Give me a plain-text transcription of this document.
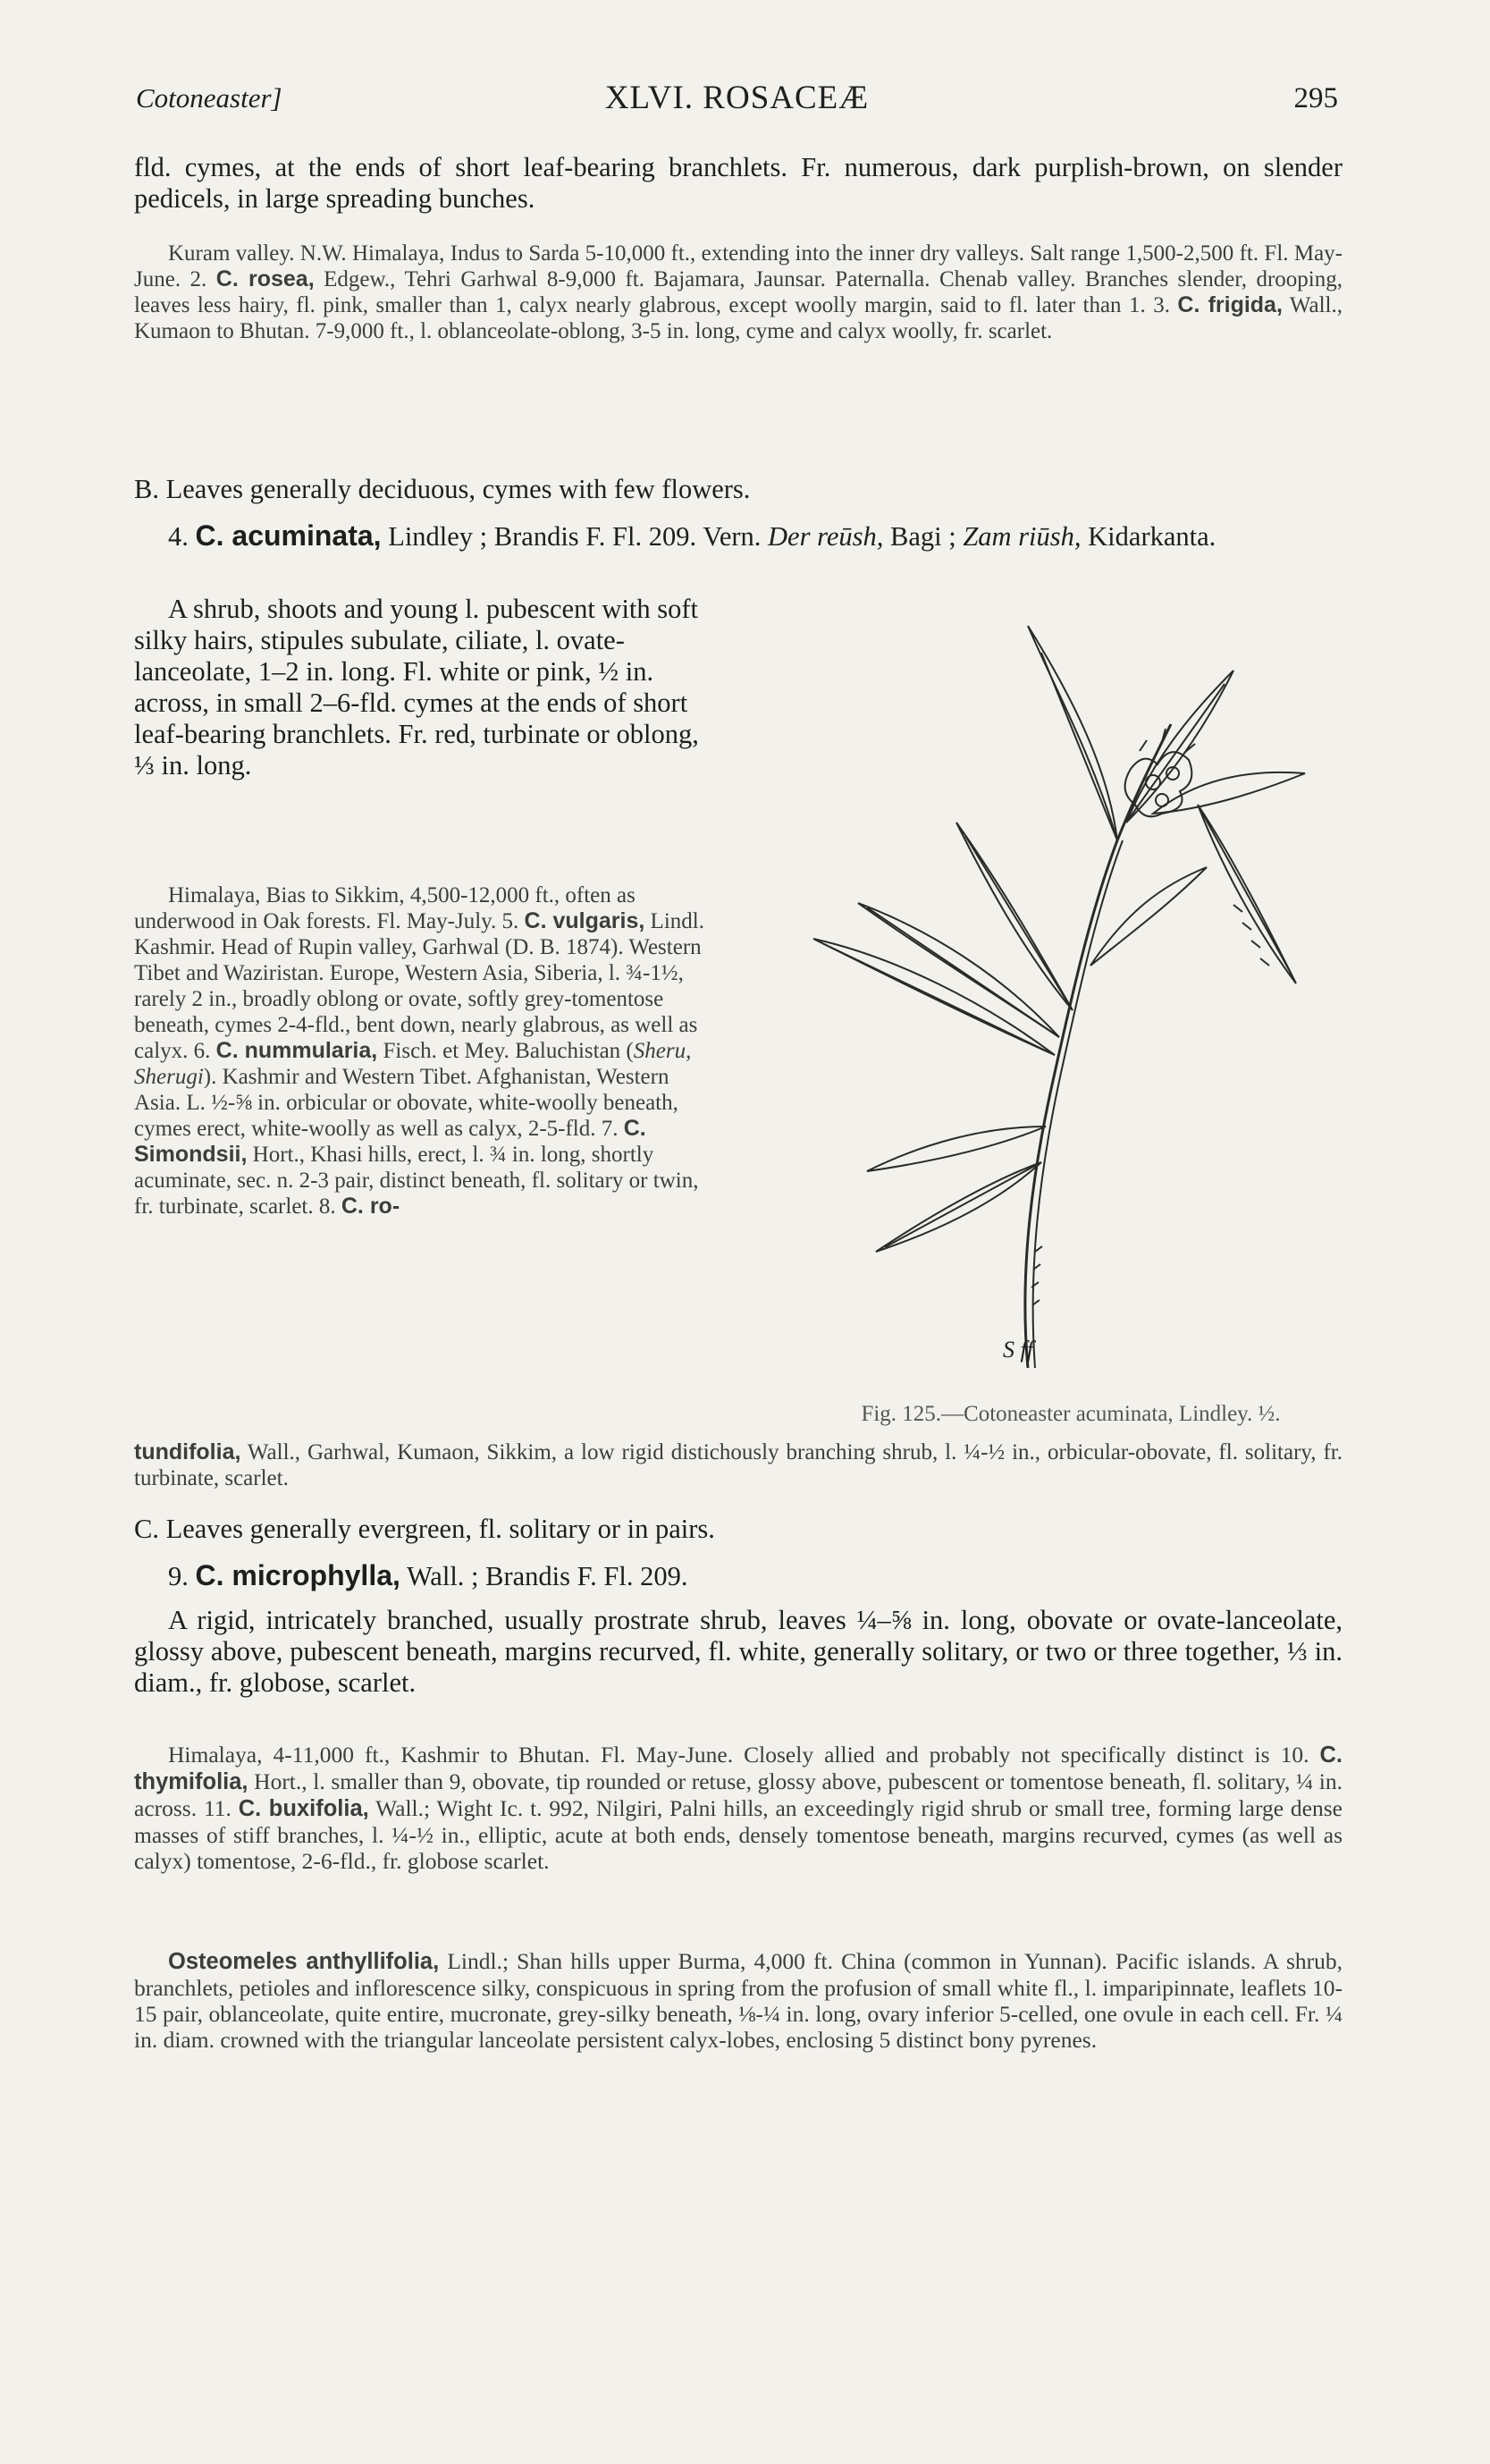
Cotoneaster]	XLVI. ROSACEÆ	295
fld. cymes, at the ends of short leaf-bearing branchlets. Fr. numerous, dark purplish-brown, on slender pedicels, in large spreading bunches.
Kuram valley. N.W. Himalaya, Indus to Sarda 5-10,000 ft., extending into the inner dry valleys. Salt range 1,500-2,500 ft. Fl. May-June. 2. C. rosea, Edgew., Tehri Garhwal 8-9,000 ft. Bajamara, Jaunsar. Paternalla. Chenab valley. Branches slender, drooping, leaves less hairy, fl. pink, smaller than 1, calyx nearly glabrous, except woolly margin, said to fl. later than 1. 3. C. frigida, Wall., Kumaon to Bhutan. 7-9,000 ft., l. oblanceolate-oblong, 3-5 in. long, cyme and calyx woolly, fr. scarlet.
B. Leaves generally deciduous, cymes with few flowers.
4. C. acuminata, Lindley ; Brandis F. Fl. 209. Vern. Der reūsh, Bagi ; Zam riūsh, Kidarkanta.
A shrub, shoots and young l. pubescent with soft silky hairs, stipules subulate, ciliate, l. ovate-lanceolate, 1–2 in. long. Fl. white or pink, ½ in. across, in small 2–6-fld. cymes at the ends of short leaf-bearing branchlets. Fr. red, turbinate or oblong, ⅓ in. long.
Himalaya, Bias to Sikkim, 4,500-12,000 ft., often as underwood in Oak forests. Fl. May-July. 5. C. vulgaris, Lindl. Kashmir. Head of Rupin valley, Garhwal (D. B. 1874). Western Tibet and Waziristan. Europe, Western Asia, Siberia, l. ¾-1½, rarely 2 in., broadly oblong or ovate, softly grey-tomentose beneath, cymes 2-4-fld., bent down, nearly glabrous, as well as calyx. 6. C. nummularia, Fisch. et Mey. Baluchistan (Sheru, Sherugi). Kashmir and Western Tibet. Afghanistan, Western Asia. L. ½-⅝ in. orbicular or obovate, white-woolly beneath, cymes erect, white-woolly as well as calyx, 2-5-fld. 7. C. Simondsii, Hort., Khasi hills, erect, l. ¾ in. long, shortly acuminate, sec. n. 2-3 pair, distinct beneath, fl. solitary or twin, fr. turbinate, scarlet. 8. C. ro-
tundifolia, Wall., Garhwal, Kumaon, Sikkim, a low rigid distichously branching shrub, l. ¼-½ in., orbicular-obovate, fl. solitary, fr. turbinate, scarlet.
S ff
Fig. 125.—Cotoneaster acuminata, Lindley. ½.
C. Leaves generally evergreen, fl. solitary or in pairs.
9. C. microphylla, Wall. ; Brandis F. Fl. 209.
A rigid, intricately branched, usually prostrate shrub, leaves ¼–⅝ in. long, obovate or ovate-lanceolate, glossy above, pubescent beneath, margins recurved, fl. white, generally solitary, or two or three together, ⅓ in. diam., fr. globose, scarlet.
Himalaya, 4-11,000 ft., Kashmir to Bhutan. Fl. May-June. Closely allied and probably not specifically distinct is 10. C. thymifolia, Hort., l. smaller than 9, obovate, tip rounded or retuse, glossy above, pubescent or tomentose beneath, fl. solitary, ¼ in. across. 11. C. buxifolia, Wall.; Wight Ic. t. 992, Nilgiri, Palni hills, an exceedingly rigid shrub or small tree, forming large dense masses of stiff branches, l. ¼-½ in., elliptic, acute at both ends, densely tomentose beneath, margins recurved, cymes (as well as calyx) tomentose, 2-6-fld., fr. globose scarlet.
Osteomeles anthyllifolia, Lindl.; Shan hills upper Burma, 4,000 ft. China (common in Yunnan). Pacific islands. A shrub, branchlets, petioles and inflorescence silky, conspicuous in spring from the profusion of small white fl., l. imparipinnate, leaflets 10-15 pair, oblanceolate, quite entire, mucronate, grey-silky beneath, ⅛-¼ in. long, ovary inferior 5-celled, one ovule in each cell. Fr. ¼ in. diam. crowned with the triangular lanceolate persistent calyx-lobes, enclosing 5 distinct bony pyrenes.
